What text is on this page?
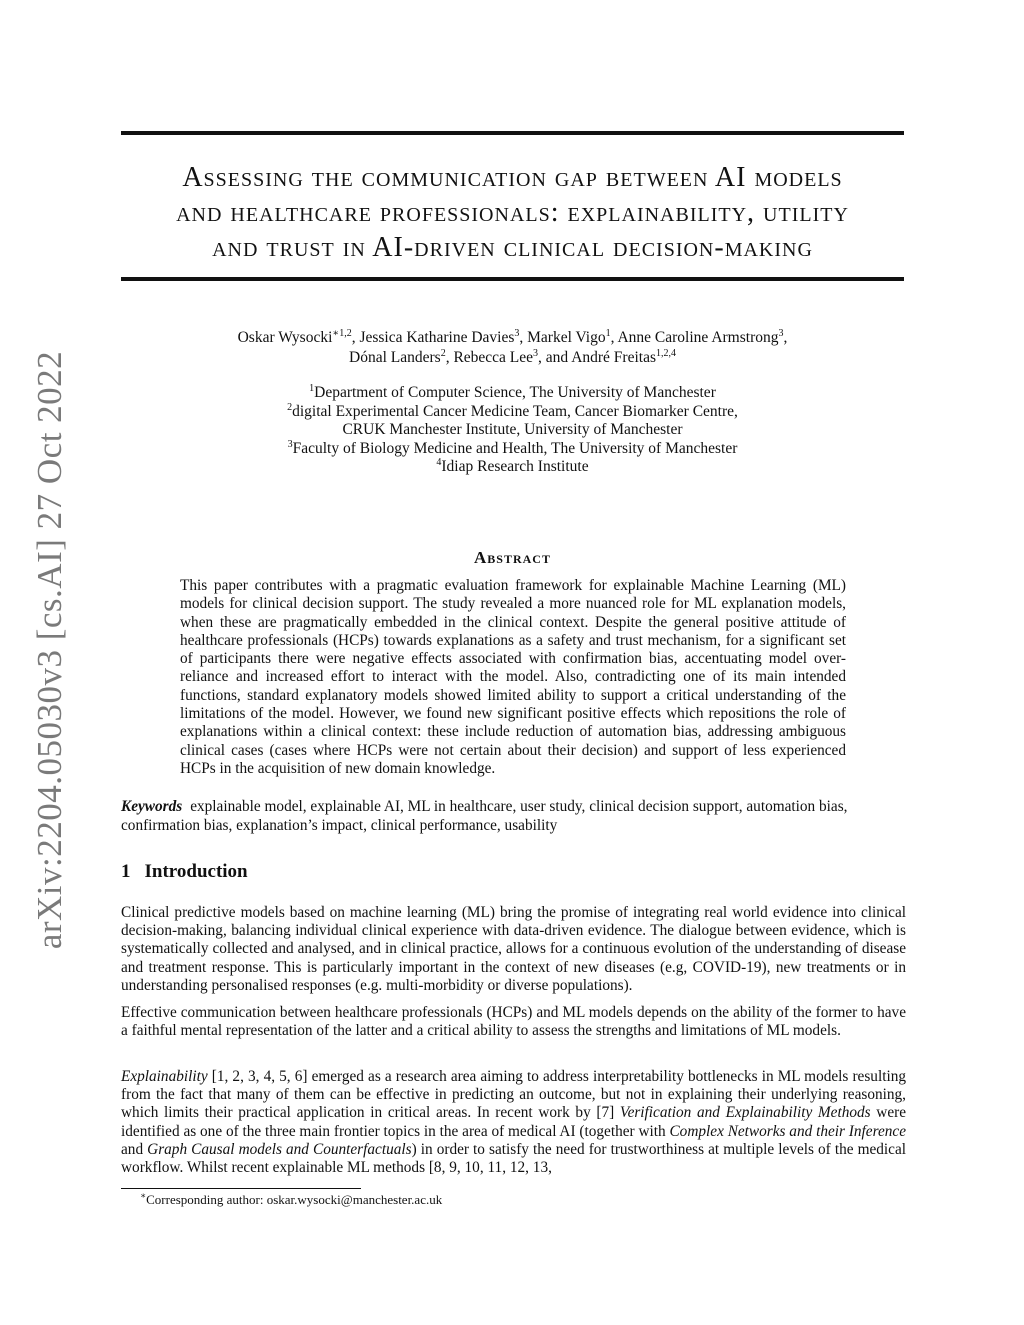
arXiv:2204.05030v3 [cs.AI] 27 Oct 2022
Assessing the communication gap between AI models
and healthcare professionals: explainability, utility
and trust in AI-driven clinical decision-making
Oskar Wysocki$^{∗1,2}$, Jessica Katharine Davies$^3$, Markel Vigo$^1$, Anne Caroline Armstrong$^3$,
Dónal Landers$^2$, Rebecca Lee$^3$, and André Freitas$^{1,2,4}$
$^1$Department of Computer Science, The University of Manchester
$^2$digital Experimental Cancer Medicine Team, Cancer Biomarker Centre,
CRUK Manchester Institute, University of Manchester
$^3$Faculty of Biology Medicine and Health, The University of Manchester
$^4$Idiap Research Institute
Abstract
This paper contributes with a pragmatic evaluation framework for explainable Machine Learning (ML) models for clinical decision support. The study revealed a more nuanced role for ML explanation models, when these are pragmatically embedded in the clinical context. Despite the general positive attitude of healthcare professionals (HCPs) towards explanations as a safety and trust mechanism, for a significant set of participants there were negative effects associated with confirmation bias, accentuating model over-reliance and increased effort to interact with the model. Also, contradicting one of its main intended functions, standard explanatory models showed limited ability to support a critical understanding of the limitations of the model. However, we found new significant positive effects which repositions the role of explanations within a clinical context: these include reduction of automation bias, addressing ambiguous clinical cases (cases where HCPs were not certain about their decision) and support of less experienced HCPs in the acquisition of new domain knowledge.
Keywords explainable model, explainable AI, ML in healthcare, user study, clinical decision support, automation bias, confirmation bias, explanation’s impact, clinical performance, usability
1 Introduction
Clinical predictive models based on machine learning (ML) bring the promise of integrating real world evidence into clinical decision-making, balancing individual clinical experience with data-driven evidence. The dialogue between evidence, which is systematically collected and analysed, and in clinical practice, allows for a continuous evolution of the understanding of disease and treatment response. This is particularly important in the context of new diseases (e.g, COVID-19), new treatments or in understanding personalised responses (e.g. multi-morbidity or diverse populations).
Effective communication between healthcare professionals (HCPs) and ML models depends on the ability of the former to have a faithful mental representation of the latter and a critical ability to assess the strengths and limitations of ML models.
Explainability [1, 2, 3, 4, 5, 6] emerged as a research area aiming to address interpretability bottlenecks in ML models resulting from the fact that many of them can be effective in predicting an outcome, but not in explaining their underlying reasoning, which limits their practical application in critical areas. In recent work by [7] Verification and Explainability Methods were identified as one of the three main frontier topics in the area of medical AI (together with Complex Networks and their Inference and Graph Causal models and Counterfactuals) in order to satisfy the need for trustworthiness at multiple levels of the medical workflow. Whilst recent explainable ML methods [8, 9, 10, 11, 12, 13,
∗Corresponding author: oskar.wysocki@manchester.ac.uk
